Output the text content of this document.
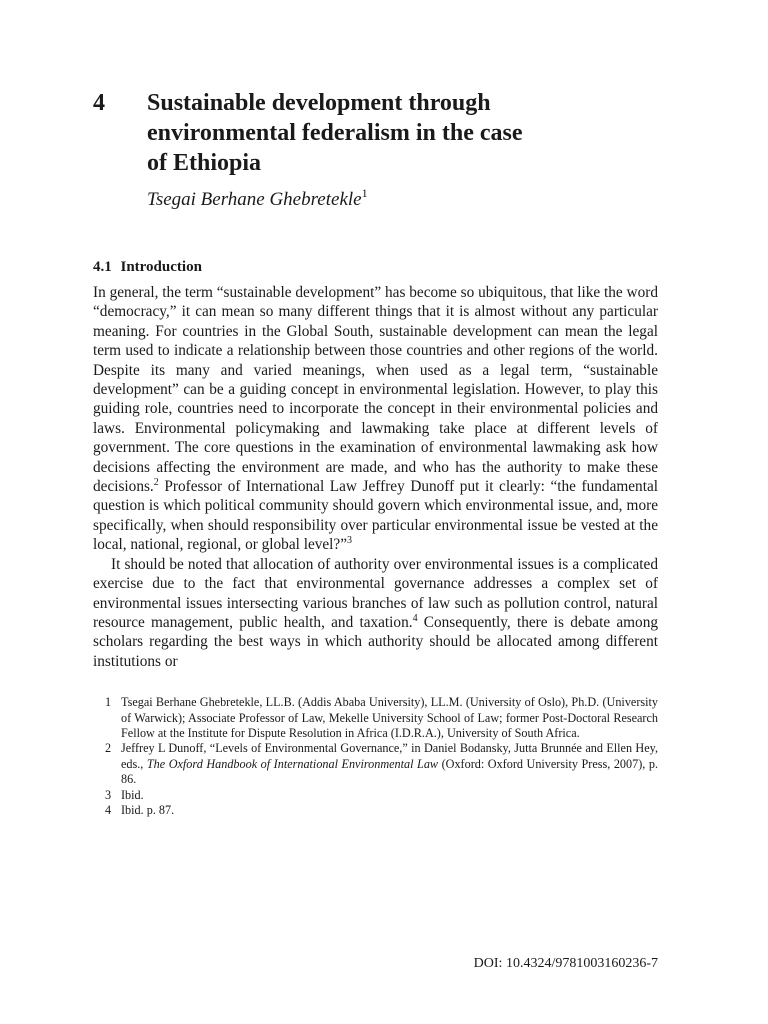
4	Sustainable development through environmental federalism in the case of Ethiopia
Tsegai Berhane Ghebretekle$^1$
4.1 Introduction

In general, the term “sustainable development” has become so ubiquitous, that like the word “democracy,” it can mean so many different things that it is almost without any particular meaning. For countries in the Global South, sustainable development can mean the legal term used to indicate a relationship between those countries and other regions of the world. Despite its many and varied meanings, when used as a legal term, “sustainable development” can be a guiding concept in environmental legislation. However, to play this guiding role, countries need to incorporate the concept in their environmental policies and laws. Environmental policymaking and lawmaking take place at different levels of government. The core questions in the examination of environmental lawmaking ask how decisions affecting the environment are made, and who has the authority to make these decisions.$^2$ Professor of International Law Jeffrey Dunoff put it clearly: “the fundamental question is which political community should govern which environmental issue, and, more specifically, when should responsibility over particular environmental issue be vested at the local, national, regional, or global level?”$^3$

It should be noted that allocation of authority over environmental issues is a complicated exercise due to the fact that environmental governance addresses a complex set of environmental issues intersecting various branches of law such as pollution control, natural resource management, public health, and taxation.$^4$ Consequently, there is debate among scholars regarding the best ways in which authority should be allocated among different institutions or

1 Tsegai Berhane Ghebretekle, LL.B. (Addis Ababa University), LL.M. (University of Oslo), Ph.D. (University of Warwick); Associate Professor of Law, Mekelle University School of Law; former Post-Doctoral Research Fellow at the Institute for Dispute Resolution in Africa (I.D.R.A.), University of South Africa.
2 Jeffrey L Dunoff, “Levels of Environmental Governance,” in Daniel Bodansky, Jutta Brunnée and Ellen Hey, eds., The Oxford Handbook of International Environmental Law (Oxford: Oxford University Press, 2007), p. 86.
3 Ibid.
4 Ibid. p. 87.
DOI: 10.4324/9781003160236-7
